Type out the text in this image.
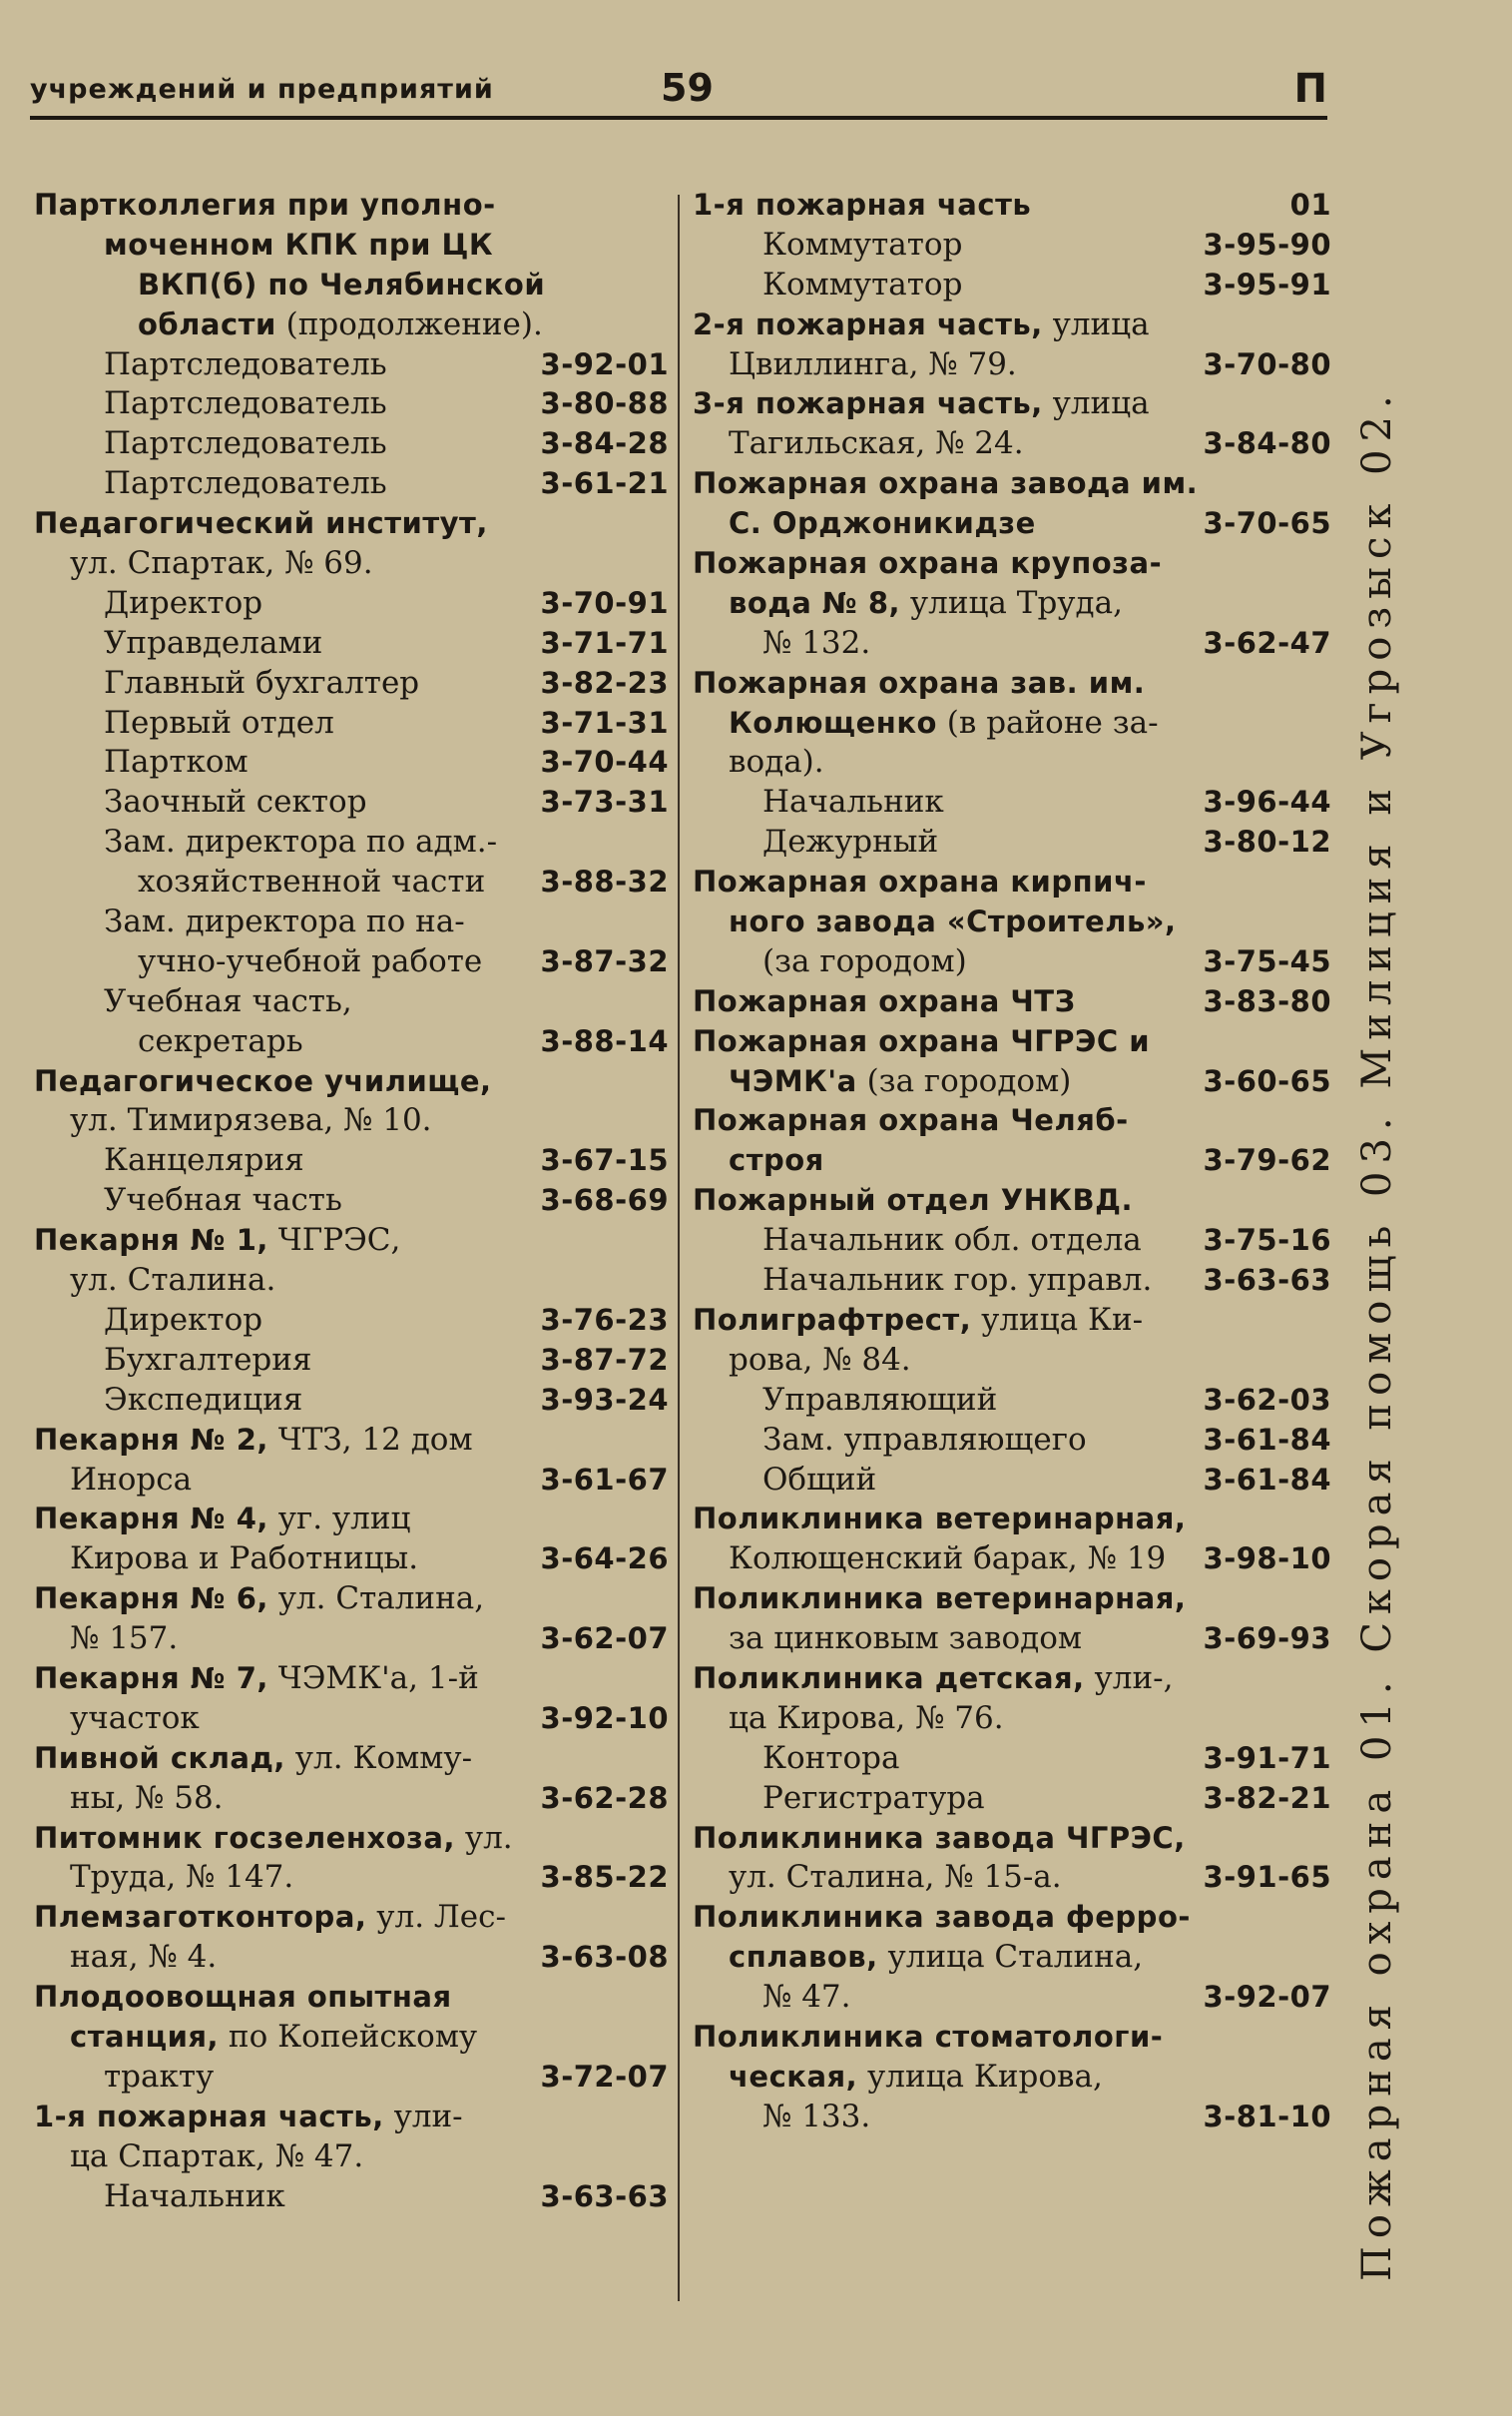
учреждений и предприятий	59	П
Партколлегия при уполно-
моченном КПК при ЦК
ВКП(б) по Челябинской
области (продолжение).
Партследователь	3-92-01
Партследователь	3-80-88
Партследователь	3-84-28
Партследователь	3-61-21
Педагогический институт,
ул. Спартак, № 69.
Директор	3-70-91
Управделами	3-71-71
Главный бухгалтер	3-82-23
Первый отдел	3-71-31
Партком	3-70-44
Заочный сектор	3-73-31
Зам. директора по адм.-
хозяйственной части 3-88-32
Зам. директора по на-
учно-учебной работе 3-87-32
Учебная часть,
секретарь	3-88-14
Педагогическое училище,
ул. Тимирязева, № 10.
Канцелярия	3-67-15
Учебная часть	3-68-69
Пекарня № 1, ЧГРЭС,
ул. Сталина.
Директор	3-76-23
Бухгалтерия	3-87-72
Экспедиция	3-93-24
Пекарня № 2, ЧТЗ, 12 дом
Инорса	3-61-67
Пекарня № 4, уг. улиц
Кирова и Работницы.	3-64-26
Пекарня № 6, ул. Сталина,
№ 157.	3-62-07
Пекарня № 7, ЧЭМК'а, 1-й
участок	3-92-10
Пивной склад, ул. Комму-
ны, № 58.	3-62-28
Питомник госзеленхоза, ул.
Труда, № 147.	3-85-22
Племзаготконтора, ул. Лес-
ная, № 4.	3-63-08
Плодоовощная опытная
станция, по Копейскому
тракту	3-72-07
1-я пожарная часть, ули-
ца Спартак, № 47.
Начальник	3-63-63
1-я пожарная часть	01
Коммутатор	3-95-90
Коммутатор	3-95-91
2-я пожарная часть, улица
Цвиллинга, № 79.	3-70-80
3-я пожарная часть, улица
Тагильская, № 24.	3-84-80
Пожарная охрана завода им.
С. Орджоникидзе	3-70-65
Пожарная охрана крупоза-
вода № 8, улица Труда,
№ 132.	3-62-47
Пожарная охрана зав. им.
Колющенко (в районе за-
вода).
Начальник	3-96-44
Дежурный	3-80-12
Пожарная охрана кирпич-
ного завода «Строитель»,
(за городом)	3-75-45
Пожарная охрана ЧТЗ	3-83-80
Пожарная охрана ЧГРЭС и
ЧЭМК'а (за городом)	3-60-65
Пожарная охрана Челяб-
строя	3-79-62
Пожарный отдел УНКВД.
Начальник обл. отдела 3-75-16
Начальник гор. управл. 3-63-63
Полиграфтрест, улица Ки-
рова, № 84.
Управляющий	3-62-03
Зам. управляющего	3-61-84
Общий	3-61-84
Поликлиника ветеринарная,
Колющенский барак, № 19 3-98-10
Поликлиника ветеринарная,
за цинковым заводом	3-69-93
Поликлиника детская, ули-,
ца Кирова, № 76.
Контора	3-91-71
Регистратура	3-82-21
Поликлиника завода ЧГРЭС,
ул. Сталина, № 15-а.	3-91-65
Поликлиника завода ферро-
сплавов, улица Сталина,
№ 47.	3-92-07
Поликлиника стоматологи-
ческая, улица Кирова,
№ 133.	3-81-10 Пожарная охрана 01. Скорая помощь 03. Милиция и Угрозыск 02.
